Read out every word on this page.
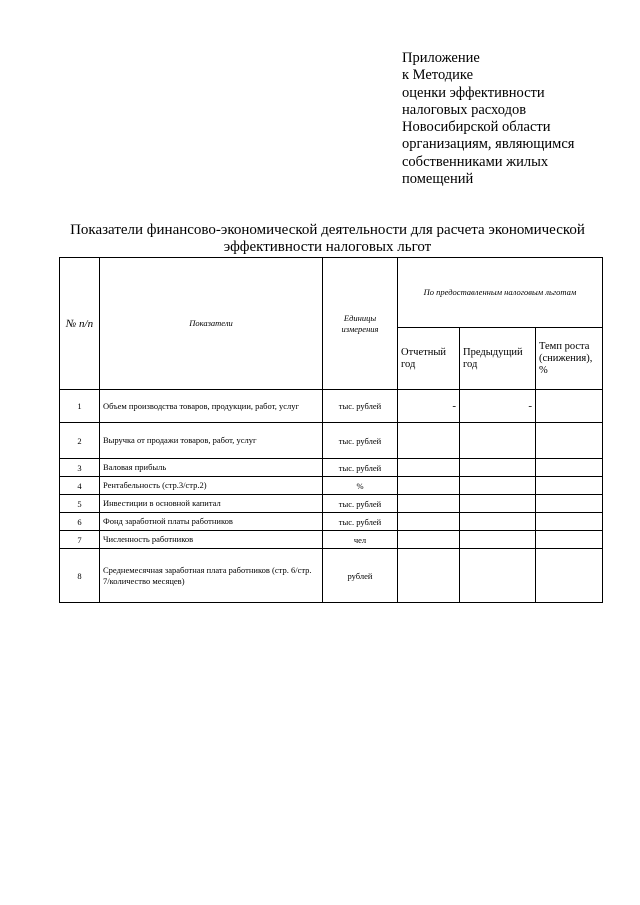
Приложение
к Методике
оценки эффективности
налоговых расходов
Новосибирской области
организациям, являющимся
собственниками жилых
помещений
Показатели финансово-экономической деятельности для расчета экономической
эффективности налоговых льгот
№ п/п	Показатели	Единицы измерения	По предоставленным налоговым льготам		
			Отчетный год	Предыдущий год	Темп роста (снижения), %
1	Объем производства товаров, продукции, работ, услуг	тыс. рублей	-	-	
2	Выручка от продажи товаров, работ, услуг	тыс. рублей			
3	Валовая прибыль	тыс. рублей			
4	Рентабельность (стр.3/стр.2)	%			
5	Инвестиции в основной капитал	тыс. рублей			
6	Фонд заработной платы работников	тыс. рублей			
7	Численность работников	чел			
8	Среднемесячная заработная плата работников (стр. 6/стр. 7/количество месяцев)	рублей			
